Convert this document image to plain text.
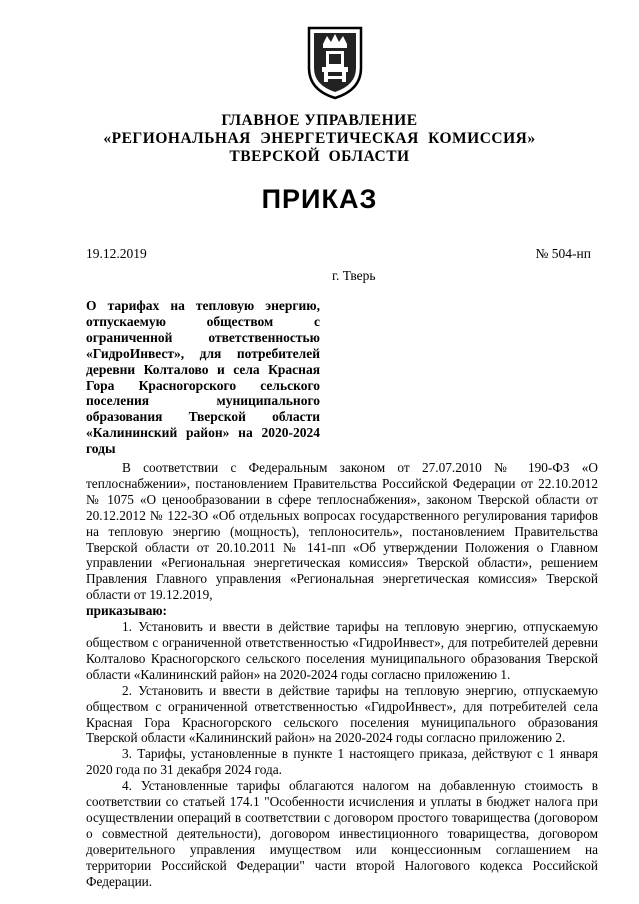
ГЛАВНОЕ УПРАВЛЕНИЕ
«РЕГИОНАЛЬНАЯ ЭНЕРГЕТИЧЕСКАЯ КОМИССИЯ»
ТВЕРСКОЙ ОБЛАСТИ
ПРИКАЗ
19.12.2019	№ 504-нп
г. Тверь
О тарифах на тепловую энергию, отпускаемую обществом с ограниченной ответственностью «ГидроИнвест», для потребителей деревни Колталово и села Красная Гора Красногорского сельского поселения муниципального образования Тверской области «Калининский район» на 2020-2024 годы

В соответствии с Федеральным законом от 27.07.2010 № 190-ФЗ «О теплоснабжении», постановлением Правительства Российской Федерации от 22.10.2012 № 1075 «О ценообразовании в сфере теплоснабжения», законом Тверской области от 20.12.2012 № 122-ЗО «Об отдельных вопросах государственного регулирования тарифов на тепловую энергию (мощность), теплоноситель», постановлением Правительства Тверской области от 20.10.2011 № 141-пп «Об утверждении Положения о Главном управлении «Региональная энергетическая комиссия» Тверской области», решением Правления Главного управления «Региональная энергетическая комиссия» Тверской области от 19.12.2019,

приказываю:

1. Установить и ввести в действие тарифы на тепловую энергию, отпускаемую обществом с ограниченной ответственностью «ГидроИнвест», для потребителей деревни Колталово Красногорского сельского поселения муниципального образования Тверской области «Калининский район» на 2020-2024 годы согласно приложению 1.

2. Установить и ввести в действие тарифы на тепловую энергию, отпускаемую обществом с ограниченной ответственностью «ГидроИнвест», для потребителей села Красная Гора Красногорского сельского поселения муниципального образования Тверской области «Калининский район» на 2020-2024 годы согласно приложению 2.

3. Тарифы, установленные в пункте 1 настоящего приказа, действуют с 1 января 2020 года по 31 декабря 2024 года.

4. Установленные тарифы облагаются налогом на добавленную стоимость в соответствии со статьей 174.1 "Особенности исчисления и уплаты в бюджет налога при осуществлении операций в соответствии с договором простого товарищества (договором о совместной деятельности), договором инвестиционного товарищества, договором доверительного управления имуществом или концессионным соглашением на территории Российской Федерации" части второй Налогового кодекса Российской Федерации.
